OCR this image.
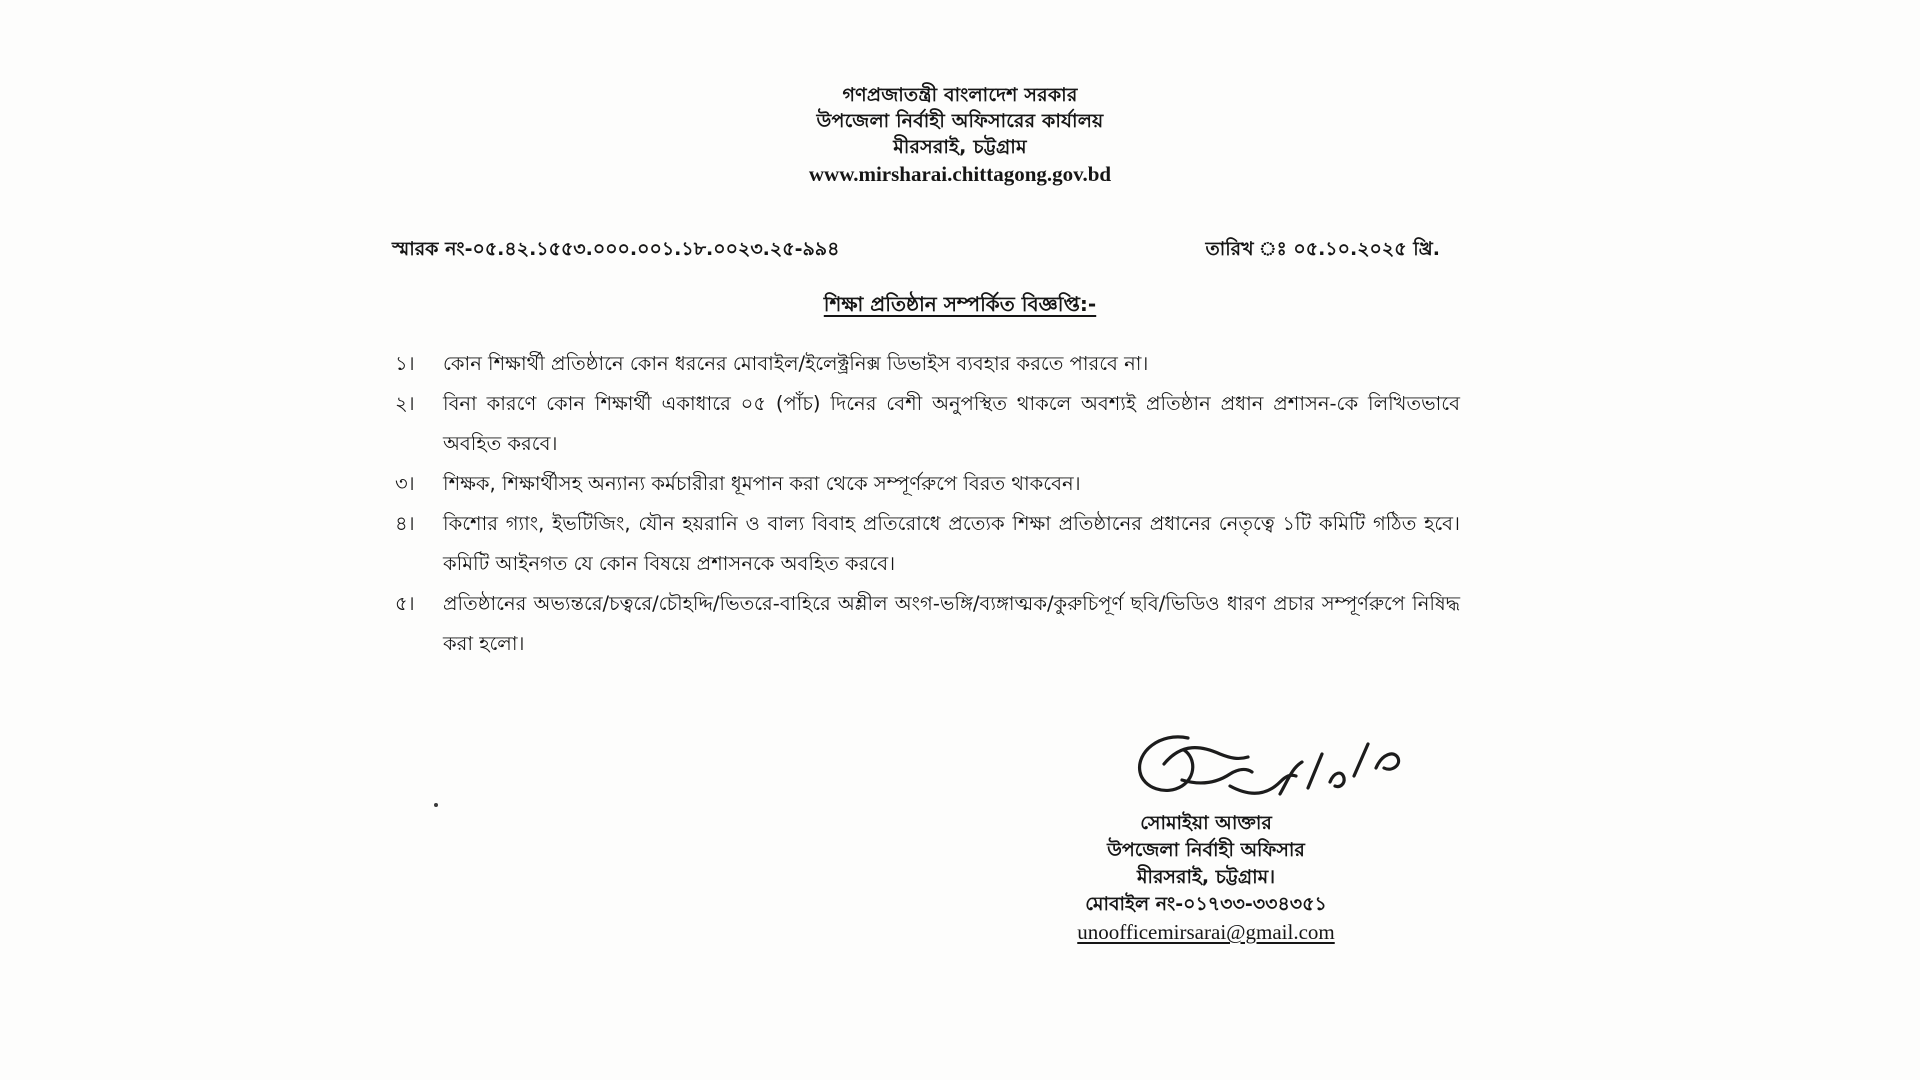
গণপ্রজাতন্ত্রী বাংলাদেশ সরকার
উপজেলা নির্বাহী অফিসারের কার্যালয়
মীরসরাই, চট্টগ্রাম
www.mirsharai.chittagong.gov.bd
স্মারক নং-০৫.৪২.১৫৫৩.০০০.০০১.১৮.০০২৩.২৫-৯৯৪	তারিখ ঃ ০৫.১০.২০২৫ খ্রি.
শিক্ষা প্রতিষ্ঠান সম্পর্কিত বিজ্ঞপ্তি:-
১।	কোন শিক্ষার্থী প্রতিষ্ঠানে কোন ধরনের মোবাইল/ইলেক্ট্রনিক্স ডিভাইস ব্যবহার করতে পারবে না।
২।	বিনা কারণে কোন শিক্ষার্থী একাধারে ০৫ (পাঁচ) দিনের বেশী অনুপস্থিত থাকলে অবশ্যই প্রতিষ্ঠান প্রধান প্রশাসন-কে লিখিতভাবে অবহিত করবে।
৩।	শিক্ষক, শিক্ষার্থীসহ অন্যান্য কর্মচারীরা ধূমপান করা থেকে সম্পূর্ণরুপে বিরত থাকবেন।
৪।	কিশোর গ্যাং, ইভটিজিং, যৌন হয়রানি ও বাল্য বিবাহ প্রতিরোধে প্রত্যেক শিক্ষা প্রতিষ্ঠানের প্রধানের নেতৃত্বে ১টি কমিটি গঠিত হবে। কমিটি আইনগত যে কোন বিষয়ে প্রশাসনকে অবহিত করবে।
৫।	প্রতিষ্ঠানের অভ্যন্তরে/চত্বরে/চৌহদ্দি/ভিতরে-বাহিরে অশ্লীল অংগ-ভঙ্গি/ব্যঙ্গাত্মক/কুরুচিপূর্ণ ছবি/ভিডিও ধারণ প্রচার সম্পূর্ণরুপে নিষিদ্ধ করা হলো।
সোমাইয়া আক্তার
উপজেলা নির্বাহী অফিসার
মীরসরাই, চট্টগ্রাম।
মোবাইল নং-০১৭৩৩-৩৩৪৩৫১
unoofficemirsarai@gmail.com
